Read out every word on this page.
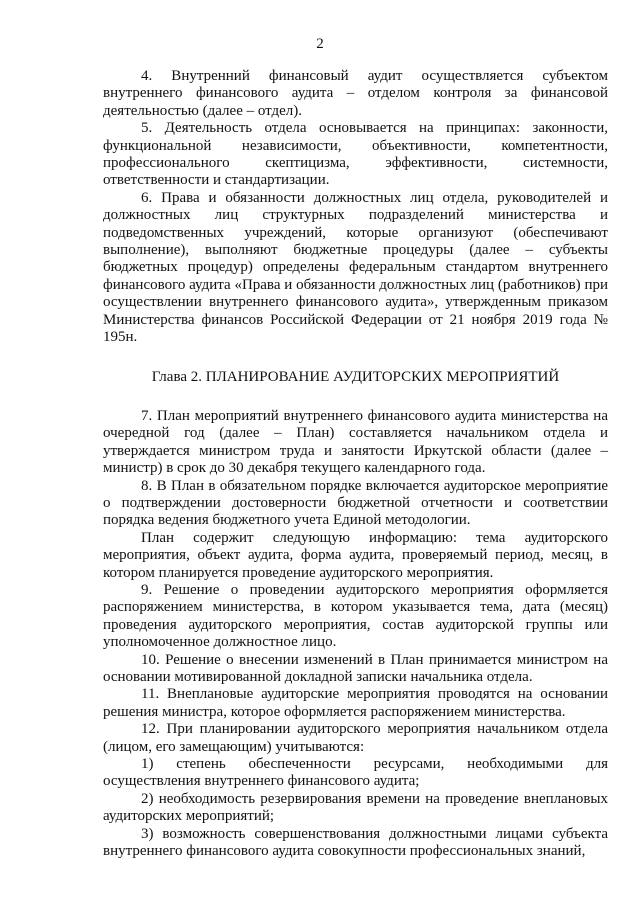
2

4. Внутренний финансовый аудит осуществляется субъектом внутреннего финансового аудита – отделом контроля за финансовой деятельностью (далее – отдел).

5. Деятельность отдела основывается на принципах: законности, функциональной независимости, объективности, компетентности, профессионального скептицизма, эффективности, системности, ответственности и стандартизации.

6. Права и обязанности должностных лиц отдела, руководителей и должностных лиц структурных подразделений министерства и подведомственных учреждений, которые организуют (обеспечивают выполнение), выполняют бюджетные процедуры (далее – субъекты бюджетных процедур) определены федеральным стандартом внутреннего финансового аудита «Права и обязанности должностных лиц (работников) при осуществлении внутреннего финансового аудита», утвержденным приказом Министерства финансов Российской Федерации от 21 ноября 2019 года № 195н.

Глава 2. ПЛАНИРОВАНИЕ АУДИТОРСКИХ МЕРОПРИЯТИЙ

7. План мероприятий внутреннего финансового аудита министерства на очередной год (далее – План) составляется начальником отдела и утверждается министром труда и занятости Иркутской области (далее – министр) в срок до 30 декабря текущего календарного года.

8. В План в обязательном порядке включается аудиторское мероприятие о подтверждении достоверности бюджетной отчетности и соответствии порядка ведения бюджетного учета Единой методологии.

План содержит следующую информацию: тема аудиторского мероприятия, объект аудита, форма аудита, проверяемый период, месяц, в котором планируется проведение аудиторского мероприятия.

9. Решение о проведении аудиторского мероприятия оформляется распоряжением министерства, в котором указывается тема, дата (месяц) проведения аудиторского мероприятия, состав аудиторской группы или уполномоченное должностное лицо.

10. Решение о внесении изменений в План принимается министром на основании мотивированной докладной записки начальника отдела.

11. Внеплановые аудиторские мероприятия проводятся на основании решения министра, которое оформляется распоряжением министерства.

12. При планировании аудиторского мероприятия начальником отдела (лицом, его замещающим) учитываются:

1) степень обеспеченности ресурсами, необходимыми для осуществления внутреннего финансового аудита;

2) необходимость резервирования времени на проведение внеплановых аудиторских мероприятий;

3) возможность совершенствования должностными лицами субъекта внутреннего финансового аудита совокупности профессиональных знаний,
